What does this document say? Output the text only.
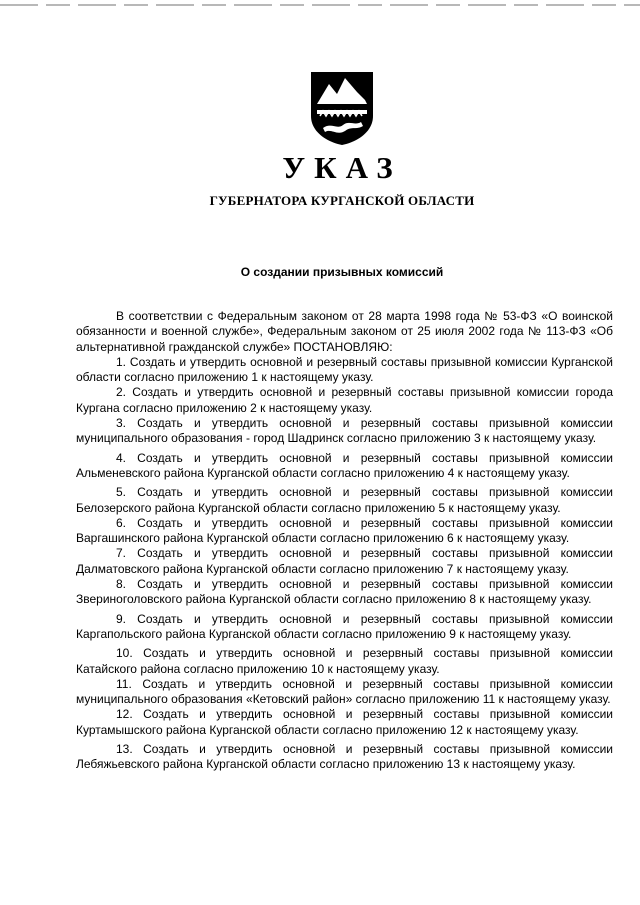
УКАЗ
ГУБЕРНАТОРА КУРГАНСКОЙ ОБЛАСТИ
О создании призывных комиссий

В соответствии с Федеральным законом от 28 марта 1998 года № 53-ФЗ «О воинской обязанности и военной службе», Федеральным законом от 25 июля 2002 года № 113-ФЗ «Об альтернативной гражданской службе» ПОСТАНОВЛЯЮ:

1. Создать и утвердить основной и резервный составы призывной комиссии Курганской области согласно приложению 1 к настоящему указу.

2. Создать и утвердить основной и резервный составы призывной комиссии города Кургана согласно приложению 2 к настоящему указу.

3. Создать и утвердить основной и резервный составы призывной комиссии муниципального образования - город Шадринск согласно приложению 3 к настоящему указу.

4. Создать и утвердить основной и резервный составы призывной комиссии Альменевского района Курганской области согласно приложению 4 к настоящему указу.

5. Создать и утвердить основной и резервный составы призывной комиссии Белозерского района Курганской области согласно приложению 5 к настоящему указу.

6. Создать и утвердить основной и резервный составы призывной комиссии Варгашинского района Курганской области согласно приложению 6 к настоящему указу.

7. Создать и утвердить основной и резервный составы призывной комиссии Далматовского района Курганской области согласно приложению 7 к настоящему указу.

8. Создать и утвердить основной и резервный составы призывной комиссии Звериноголовского района Курганской области согласно приложению 8 к настоящему указу.

9. Создать и утвердить основной и резервный составы призывной комиссии Каргапольского района Курганской области согласно приложению 9 к настоящему указу.

10. Создать и утвердить основной и резервный составы призывной комиссии Катайского района согласно приложению 10 к настоящему указу.

11. Создать и утвердить основной и резервный составы призывной комиссии муниципального образования «Кетовский район» согласно приложению 11 к настоящему указу.

12. Создать и утвердить основной и резервный составы призывной комиссии Куртамышского района Курганской области согласно приложению 12 к настоящему указу.

13. Создать и утвердить основной и резервный составы призывной комиссии Лебяжьевского района Курганской области согласно приложению 13 к настоящему указу.
